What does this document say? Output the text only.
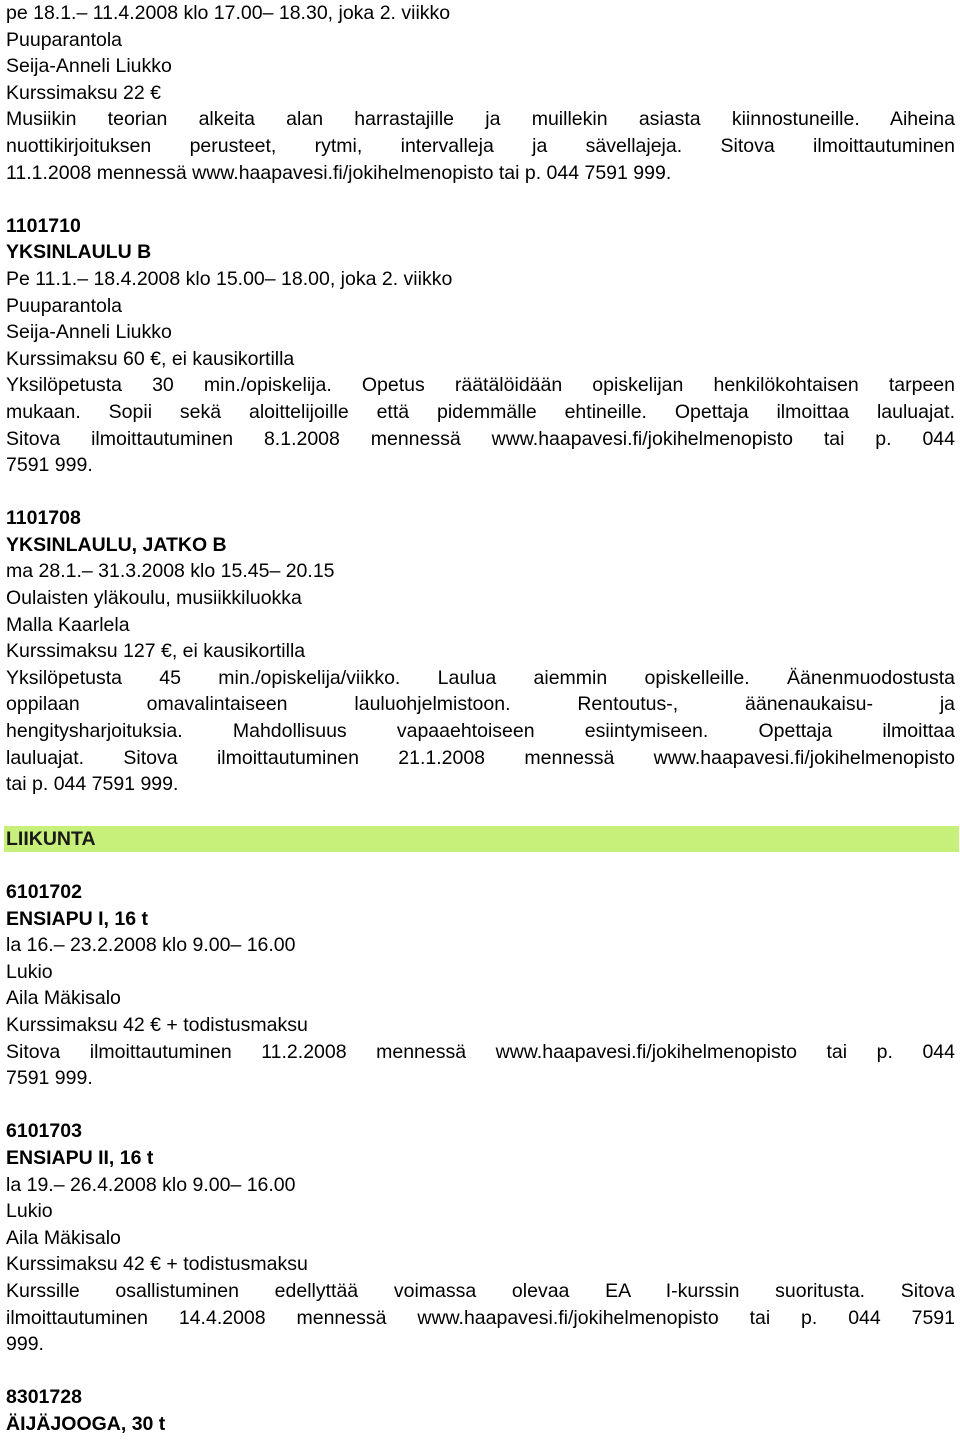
pe 18.1.– 11.4.2008 klo 17.00– 18.30, joka 2. viikko
Puuparantola
Seija-Anneli Liukko
Kurssimaksu 22 €
Musiikin teorian alkeita alan harrastajille ja muillekin asiasta kiinnostuneille. Aiheina
nuottikirjoituksen perusteet, rytmi, intervalleja ja sävellajeja. Sitova ilmoittautuminen
11.1.2008 mennessä www.haapavesi.fi/jokihelmenopisto tai p. 044 7591 999.
1101710
YKSINLAULU B
Pe 11.1.– 18.4.2008 klo 15.00– 18.00, joka 2. viikko
Puuparantola
Seija-Anneli Liukko
Kurssimaksu 60 €, ei kausikortilla
Yksilöpetusta 30 min./opiskelija. Opetus räätälöidään opiskelijan henkilökohtaisen tarpeen
mukaan. Sopii sekä aloittelijoille että pidemmälle ehtineille. Opettaja ilmoittaa lauluajat.
Sitova ilmoittautuminen 8.1.2008 mennessä www.haapavesi.fi/jokihelmenopisto tai p. 044
7591 999.
1101708
YKSINLAULU, JATKO B
ma 28.1.– 31.3.2008 klo 15.45– 20.15
Oulaisten yläkoulu, musiikkiluokka
Malla Kaarlela
Kurssimaksu 127 €, ei kausikortilla
Yksilöpetusta 45 min./opiskelija/viikko. Laulua aiemmin opiskelleille. Äänenmuodostusta
oppilaan omavalintaiseen lauluohjelmistoon. Rentoutus-, äänenaukaisu- ja
hengitysharjoituksia. Mahdollisuus vapaaehtoiseen esiintymiseen. Opettaja ilmoittaa
lauluajat. Sitova ilmoittautuminen 21.1.2008 mennessä www.haapavesi.fi/jokihelmenopisto
tai p. 044 7591 999.
LIIKUNTA
6101702
ENSIAPU I, 16 t
la 16.– 23.2.2008 klo 9.00– 16.00
Lukio
Aila Mäkisalo
Kurssimaksu 42 € + todistusmaksu
Sitova ilmoittautuminen 11.2.2008 mennessä www.haapavesi.fi/jokihelmenopisto tai p. 044
7591 999.
6101703
ENSIAPU II, 16 t
la 19.– 26.4.2008 klo 9.00– 16.00
Lukio
Aila Mäkisalo
Kurssimaksu 42 € + todistusmaksu
Kurssille osallistuminen edellyttää voimassa olevaa EA I-kurssin suoritusta. Sitova
ilmoittautuminen 14.4.2008 mennessä www.haapavesi.fi/jokihelmenopisto tai p. 044 7591
999.
8301728
ÄIJÄJOOGA, 30 t
